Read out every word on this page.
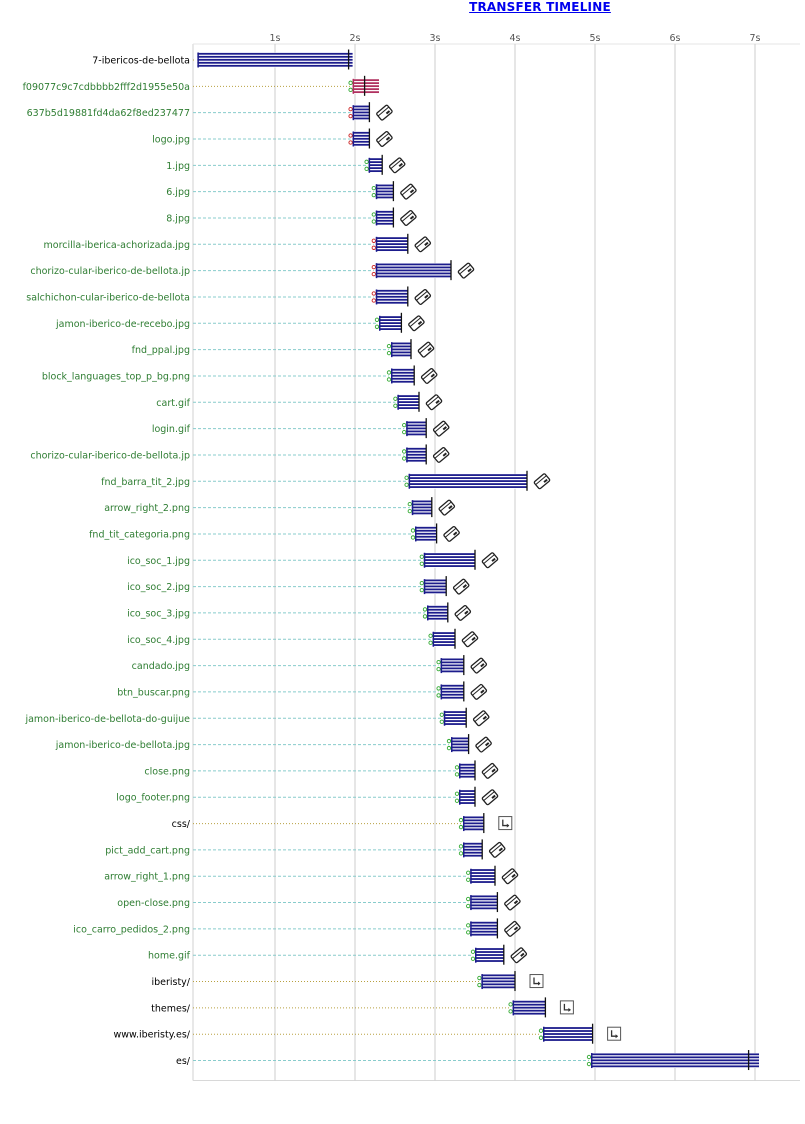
TRANSFER TIMELINE
7-ibericos-de-bellota
f09077c9c7cdbbbb2fff2d1955e50a
637b5d19881fd4da62f8ed237477
logo.jpg
1.jpg
6.jpg
8.jpg
morcilla-iberica-achorizada.jpg
chorizo-cular-iberico-de-bellota.jp
salchichon-cular-iberico-de-bellota
jamon-iberico-de-recebo.jpg
fnd_ppal.jpg
block_languages_top_p_bg.png
cart.gif
login.gif
chorizo-cular-iberico-de-bellota.jp
fnd_barra_tit_2.jpg
arrow_right_2.png
fnd_tit_categoria.png
ico_soc_1.jpg
ico_soc_2.jpg
ico_soc_3.jpg
ico_soc_4.jpg
candado.jpg
btn_buscar.png
jamon-iberico-de-bellota-do-guijue
jamon-iberico-de-bellota.jpg
close.png
logo_footer.png
css/
pict_add_cart.png
arrow_right_1.png
open-close.png
ico_carro_pedidos_2.png
home.gif
iberisty/
themes/
www.iberisty.es/
es/
1s	2s	3s	4s	5s	6s	7s
